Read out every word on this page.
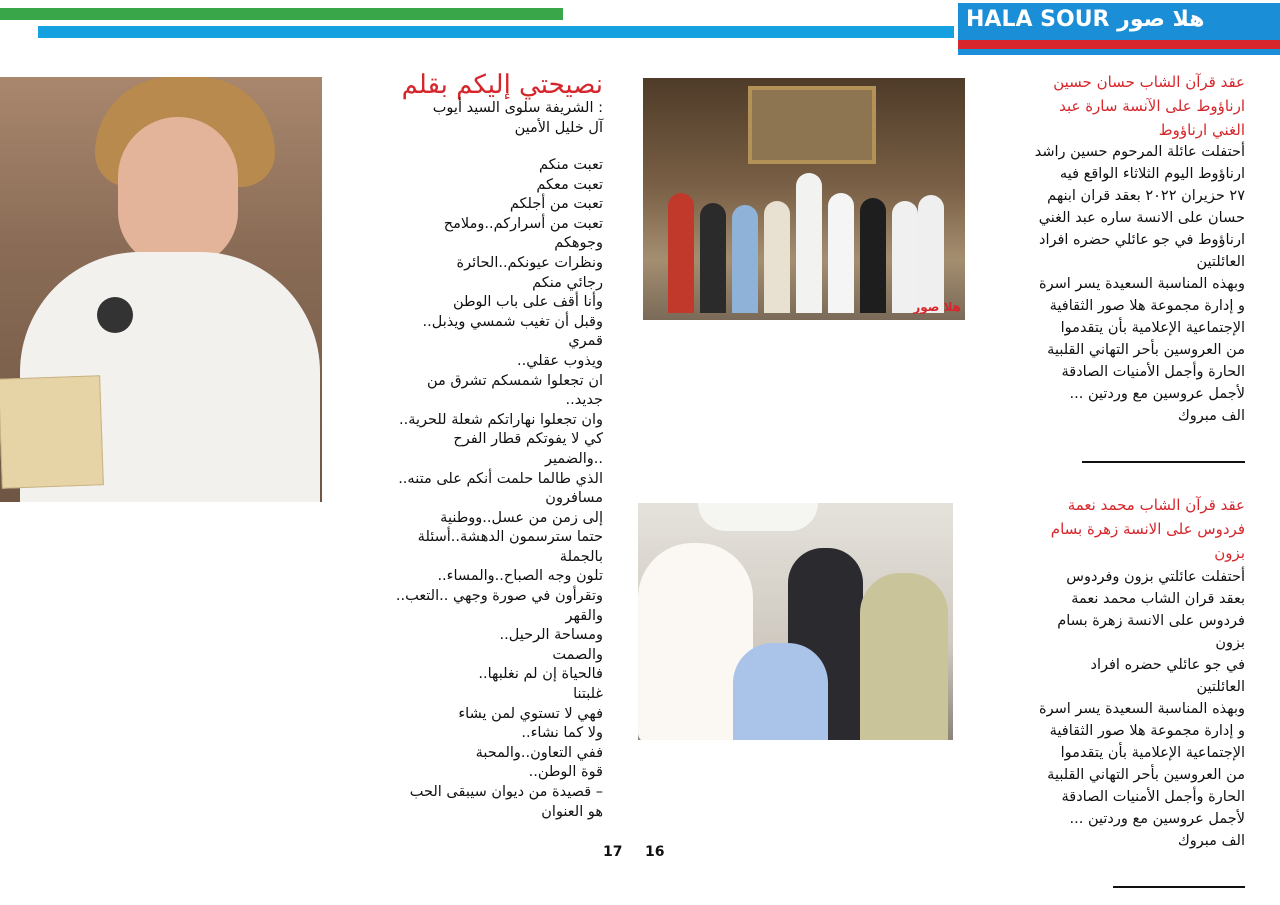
HALA SOUR هلا صور
نصيحتي إليكم بقلم
: الشريفة سلوى السيد أيوب
آل خليل الأمين
تعبت منكم
تعبت معكم
تعبت من أجلكم
تعبت من أسراركم..وملامح
وجوهكم
ونظرات عيونكم..الحائرة
رجائي منكم
وأنا أقف على باب الوطن
وقبل أن تغيب شمسي ويذبل..
قمري
ويذوب عقلي..
ان تجعلوا شمسكم تشرق من
جديد..
وان تجعلوا نهاراتكم شعلة للحرية..
كي لا يفوتكم قطار الفرح
..والضمير
الذي طالما حلمت أنكم على متنه..
مسافرون
إلى زمن من عسل..ووطنية
حتما سترسمون الدهشة..أسئلة
بالجملة
تلون وجه الصباح..والمساء..
وتقرأون في صورة وجهي ..التعب..
والقهر
ومساحة الرحيل..
والصمت
فالحياة إن لم نغلبها..
غلبتنا
فهي لا تستوي لمن يشاء
ولا كما نشاء..
ففي التعاون..والمحبة
قوة الوطن..
– قصيدة من ديوان سيبقى الحب
هو العنوان
هلا صور
عقد قرآن الشاب حسان حسين
ارناؤوط على الآنسة سارة عبد
الغني ارناؤوط
أحتفلت عائلة المرحوم حسين راشد
ارناؤوط اليوم الثلاثاء الواقع فيه
٢٧ حزيران ٢٠٢٢ بعقد قران ابنهم
حسان على الانسة ساره عبد الغني
ارناؤوط في جو عائلي حضره افراد
العائلتين
وبهذه المناسبة السعيدة يسر اسرة
و إدارة مجموعة هلا صور الثقافية
الإجتماعية الإعلامية بأن يتقدموا
من العروسين بأحر التهاني القلبية
الحارة وأجمل الأمنيات الصادقة
لأجمل عروسين مع وردتين ...
الف مبروك
عقد قرآن الشاب محمد نعمة
فردوس على الانسة زهرة بسام
بزون
أحتفلت عائلتي بزون وفردوس
بعقد قران الشاب محمد نعمة
فردوس على الانسة زهرة بسام
بزون
في جو عائلي حضره افراد
العائلتين
وبهذه المناسبة السعيدة يسر اسرة
و إدارة مجموعة هلا صور الثقافية
الإجتماعية الإعلامية بأن يتقدموا
من العروسين بأحر التهاني القلبية
الحارة وأجمل الأمنيات الصادقة
لأجمل عروسين مع وردتين ...
الف مبروك
17 16
